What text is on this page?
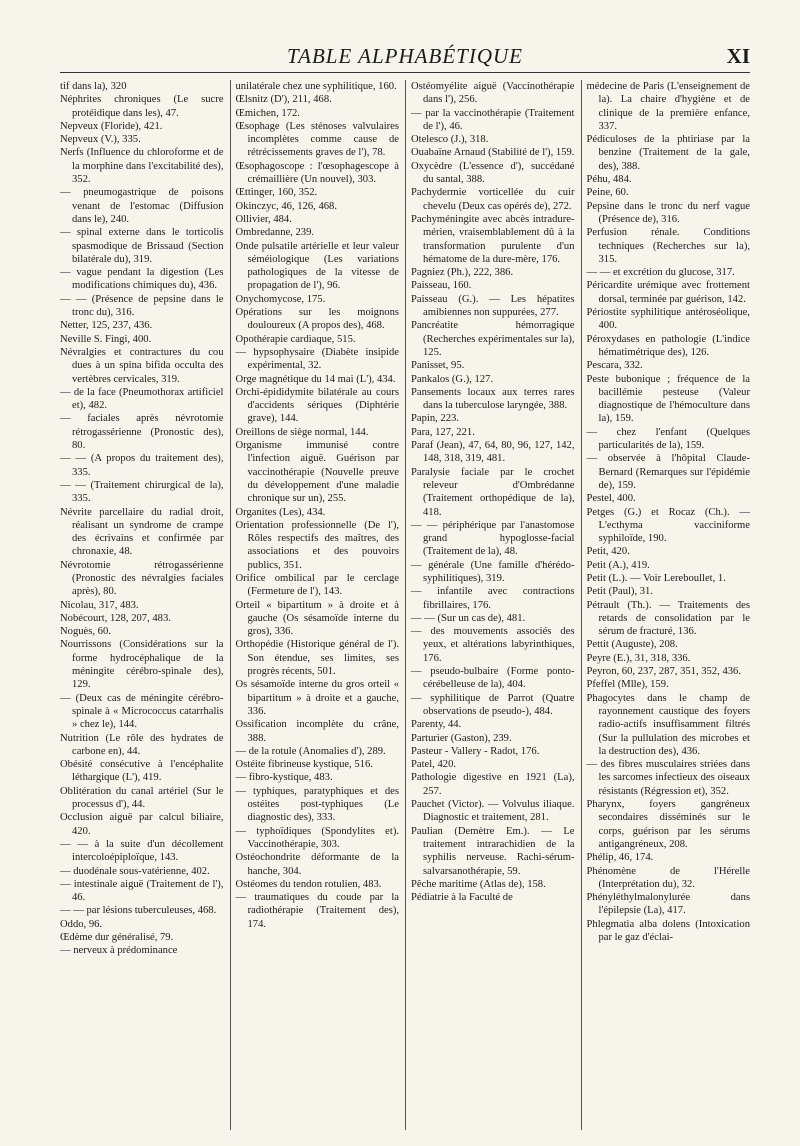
TABLE ALPHABÉTIQUE	XI

tif dans la), 320

Néphrites chroniques (Le sucre protéidique dans les), 47.

Nepveux (Floride), 421.

Nepveux (V.), 335.

Nerfs (Influence du chloroforme et de la morphine dans l'excitabilité des), 352.

— pneumogastrique de poisons venant de l'estomac (Diffusion dans le), 240.

— spinal externe dans le torticolis spasmodique de Brissaud (Section bilatérale du), 319.

— vague pendant la digestion (Les modifications chimiques du), 436.

— — (Présence de pepsine dans le tronc du), 316.

Netter, 125, 237, 436.

Neville S. Fingi, 400.

Névralgies et contractures du cou dues à un spina bifida occulta des vertèbres cervicales, 319.

— de la face (Pneumothorax artificiel et), 482.

— faciales après névrotomie rétrogassérienne (Pronostic des), 80.

— — (A propos du traitement des), 335.

— — (Traitement chirurgical de la), 335.

Névrite parcellaire du radial droit, réalisant un syndrome de crampe des écrivains et confirmée par chronaxie, 48.

Névrotomie rétrogassérienne (Pronostic des névralgies faciales après), 80.

Nicolau, 317, 483.

Nobécourt, 128, 207, 483.

Noguès, 60.

Nourrissons (Considérations sur la forme hydrocéphalique de la méningite cérébro-spinale des), 129.

— (Deux cas de méningite cérébro-spinale à « Micrococcus catarrhalis » chez le), 144.

Nutrition (Le rôle des hydrates de carbone en), 44.

Obésité consécutive à l'encéphalite léthargique (L'), 419.

Oblitération du canal artériel (Sur le processus d'), 44.

Occlusion aiguë par calcul biliaire, 420.

— — à la suite d'un décollement intercoloépiploïque, 143.

— duodénale sous-vatérienne, 402.

— intestinale aiguë (Traitement de l'), 46.

— — par lésions tuberculeuses, 468.

Oddo, 96.

Œdème dur généralisé, 79.

— nerveux à prédominance

unilatérale chez une syphilitique, 160.

Œlsnitz (D'), 211, 468.

Œmichen, 172.

Œsophage (Les sténoses valvulaires incomplètes comme cause de rétrécissements graves de l'), 78.

Œsophagoscope : l'œsophagescope à crémaillière (Un nouvel), 303.

Œttinger, 160, 352.

Okinczyc, 46, 126, 468.

Ollivier, 484.

Ombredanne, 239.

Onde pulsatile artérielle et leur valeur séméiologique (Les variations pathologiques de la vitesse de propagation de l'), 96.

Onychomycose, 175.

Opérations sur les moignons douloureux (A propos des), 468.

Opothérapie cardiaque, 515.

— hypsophysaire (Diabète insipide expérimental, 32.

Orge magnétique du 14 mai (L'), 434.

Orchi-épididymite bilatérale au cours d'accidents sériques (Diphtérie grave), 144.

Oreillons de siège normal, 144.

Organisme immunisé contre l'infection aiguë. Guérison par vaccinothérapie (Nouvelle preuve du développement d'une maladie chronique sur un), 255.

Organites (Les), 434.

Orientation professionnelle (De l'), Rôles respectifs des maîtres, des associations et des pouvoirs publics, 351.

Orifice ombilical par le cerclage (Fermeture de l'), 143.

Orteil « bipartitum » à droite et à gauche (Os sésamoïde interne du gros), 336.

Orthopédie (Historique général de l'). Son étendue, ses limites, ses progrès récents, 501.

Os sésamoïde interne du gros orteil « bipartitum » à droite et a gauche, 336.

Ossification incomplète du crâne, 388.

— de la rotule (Anomalies d'), 289.

Ostéite fibrineuse kystique, 516.

— fibro-kystique, 483.

— typhiques, paratyphiques et des ostéites post-typhiques (Le diagnostic des), 333.

— typhoïdiques (Spondylites et). Vaccinothérapie, 303.

Ostéochondrite déformante de la hanche, 304.

Ostéomes du tendon rotulien, 483.

— traumatiques du coude par la radiothérapie (Traitement des), 174.

Ostéomyélite aiguë (Vaccinothérapie dans l'), 256.

— par la vaccinothérapie (Traitement de l'), 46.

Otelesco (J.), 318.

Ouabaïne Arnaud (Stabilité de l'), 159.

Oxycèdre (L'essence d'), succédané du santal, 388.

Pachydermie vorticellée du cuir chevelu (Deux cas opérés de), 272.

Pachyméningite avec abcès intradure-mérien, vraisemblablement dû à la transformation purulente d'un hématome de la dure-mère, 176.

Pagniez (Ph.), 222, 386.

Paisseau, 160.

Paisseau (G.). — Les hépatites amibiennes non suppurées, 277.

Pancréatite hémorragique (Recherches expérimentales sur la), 125.

Panisset, 95.

Pankalos (G.), 127.

Pansements locaux aux terres rares dans la tuberculose laryngée, 388.

Papin, 223.

Para, 127, 221.

Paraf (Jean), 47, 64, 80, 96, 127, 142, 148, 318, 319, 481.

Paralysie faciale par le crochet releveur d'Ombrédanne (Traitement orthopédique de la), 418.

— — périphérique par l'anastomose grand hypoglosse-facial (Traitement de la), 48.

— générale (Une famille d'hérédo-syphilitiques), 319.

— infantile avec contractions fibrillaires, 176.

— — (Sur un cas de), 481.

— des mouvements associés des yeux, et altérations labyrinthiques, 176.

— pseudo-bulbaire (Forme ponto-cérébelleuse de la), 404.

— syphilitique de Parrot (Quatre observations de pseudo-), 484.

Parenty, 44.

Parturier (Gaston), 239.

Pasteur - Vallery - Radot, 176.

Patel, 420.

Pathologie digestive en 1921 (La), 257.

Pauchet (Victor). — Volvulus iliaque. Diagnostic et traitement, 281.

Paulian (Demètre Em.). — Le traitement intrarachidien de la syphilis nerveuse. Rachi-sérum-salvarsanothérapie, 59.

Pêche maritime (Atlas de), 158.

Pédiatrie à la Faculté de

médecine de Paris (L'enseignement de la). La chaire d'hygiène et de clinique de la première enfance, 337.

Pédiculoses de la phtiriase par la benzine (Traitement de la gale, des), 388.

Péhu, 484.

Peine, 60.

Pepsine dans le tronc du nerf vague (Présence de), 316.

Perfusion rénale. Conditions techniques (Recherches sur la), 315.

— — et excrétion du glucose, 317.

Péricardite urémique avec frottement dorsal, terminée par guérison, 142.

Périostite syphilitique antéroséolique, 400.

Péroxydases en pathologie (L'indice hématimétrique des), 126.

Pescara, 332.

Peste bubonique ; fréquence de la bacillémie pesteuse (Valeur diagnostique de l'hémoculture dans la), 159.

— chez l'enfant (Quelques particularités de la), 159.

— observée à l'hôpital Claude-Bernard (Remarques sur l'épidémie de), 159.

Pestel, 400.

Petges (G.) et Rocaz (Ch.). — L'ecthyma vacciniforme syphiloïde, 190.

Petit, 420.

Petit (A.), 419.

Petit (L.). — Voir Lereboullet, 1.

Petit (Paul), 31.

Pétrault (Th.). — Traitements des retards de consolidation par le sérum de fracturé, 136.

Pettit (Auguste), 208.

Peyre (E.), 31, 318, 336.

Peyron, 60, 237, 287, 351, 352, 436.

Pfeffel (Mlle), 159.

Phagocytes dans le champ de rayonnement caustique des foyers radio-actifs insuffisamment filtrés (Sur la pullulation des microbes et la destruction des), 436.

— des fibres musculaires striées dans les sarcomes infectieux des oiseaux résistants (Régression et), 352.

Pharynx, foyers gangréneux secondaires disséminés sur le corps, guérison par les sérums antigangréneux, 208.

Phélip, 46, 174.

Phénomène de l'Hérelle (Interprétation du), 32.

Phényléthylmalonylurée dans l'épilepsie (La), 417.

Phlegmatia alba dolens (Intoxication par le gaz d'éclai-
